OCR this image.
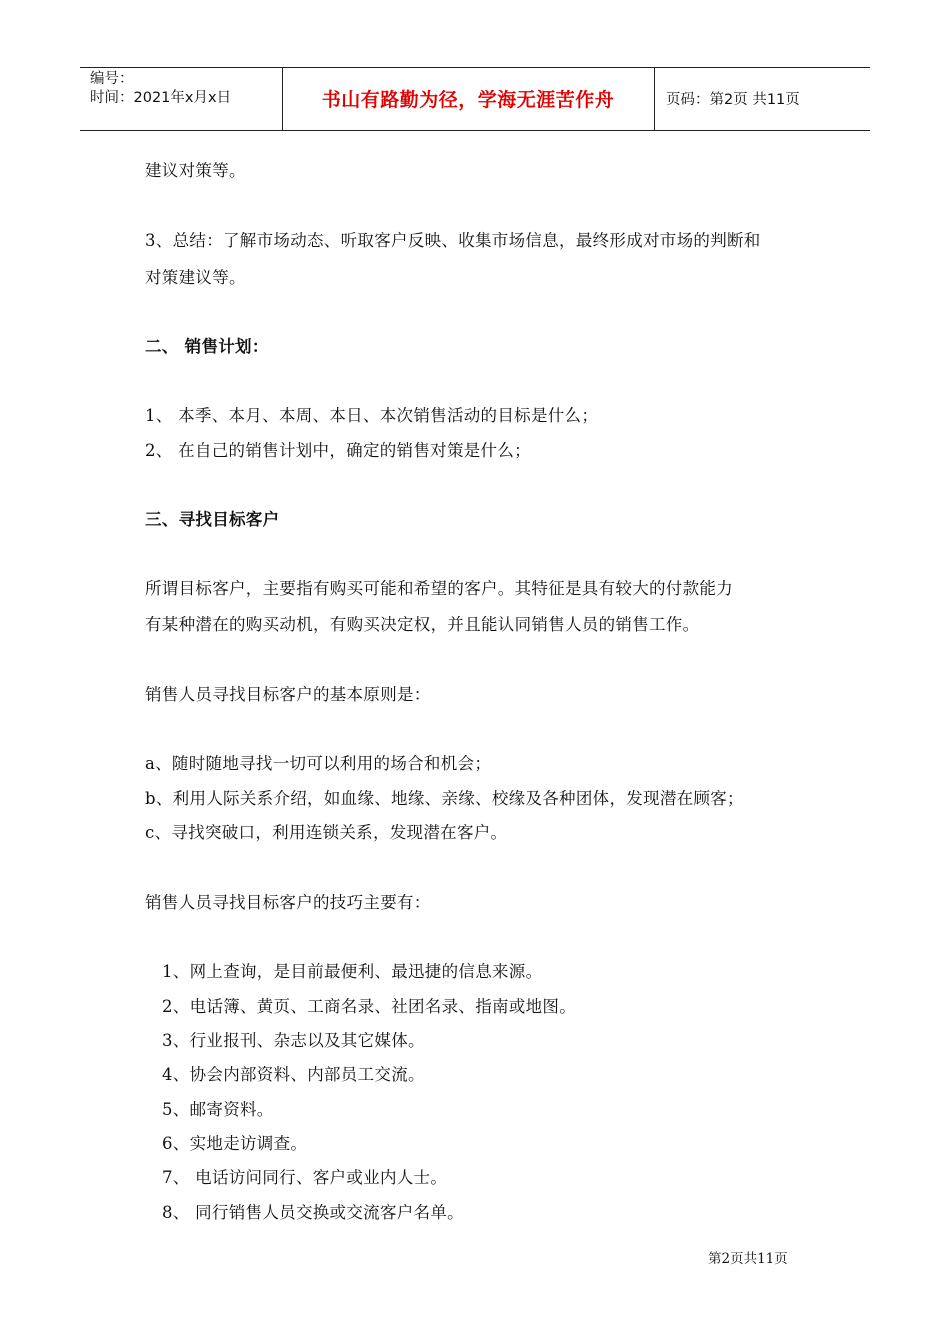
编号：
时间：2021年x月x日	书山有路勤为径，学海无涯苦作舟	页码：第2页 共11页
建议对策等。
3、总结：了解市场动态、听取客户反映、收集市场信息，最终形成对市场的判断和
对策建议等。
二、 销售计划：
1、 本季、本月、本周、本日、本次销售活动的目标是什么；
2、 在自己的销售计划中，确定的销售对策是什么；
三、寻找目标客户
所谓目标客户，主要指有购买可能和希望的客户。其特征是具有较大的付款能力
有某种潜在的购买动机，有购买决定权，并且能认同销售人员的销售工作。
销售人员寻找目标客户的基本原则是：
a、随时随地寻找一切可以利用的场合和机会；
b、利用人际关系介绍，如血缘、地缘、亲缘、校缘及各种团体，发现潜在顾客；
c、寻找突破口，利用连锁关系，发现潜在客户。
销售人员寻找目标客户的技巧主要有：
1、网上查询，是目前最便利、最迅捷的信息来源。
2、电话簿、黄页、工商名录、社团名录、指南或地图。
3、行业报刊、杂志以及其它媒体。
4、协会内部资料、内部员工交流。
5、邮寄资料。
6、实地走访调查。
7、 电话访问同行、客户或业内人士。
8、 同行销售人员交换或交流客户名单。
第2页共11页
